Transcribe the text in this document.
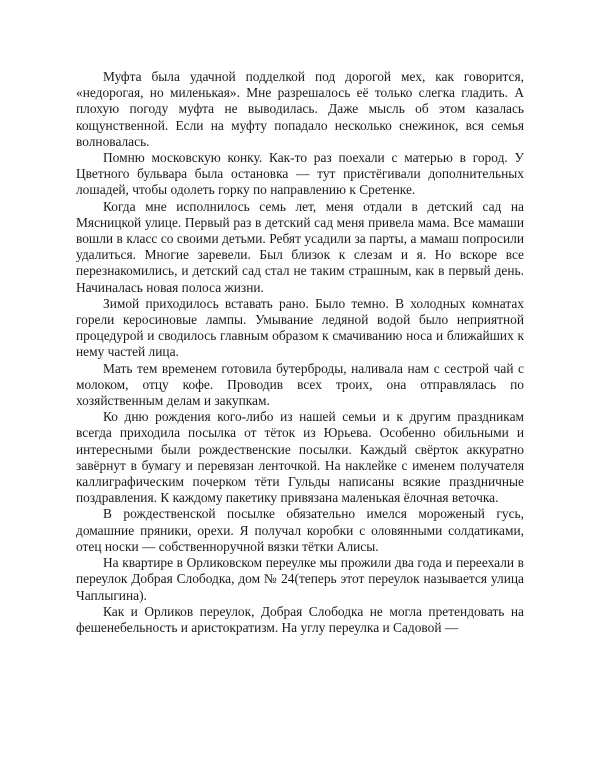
Муфта была удачной подделкой под дорогой мех, как говорится, «недорогая, но миленькая». Мне разрешалось её только слегка гладить. А плохую погоду муфта не выводилась. Даже мысль об этом казалась кощунственной. Если на муфту попадало несколько снежинок, вся семья волновалась.

Помню московскую конку. Как-то раз поехали с матерью в город. У Цветного бульвара была остановка — тут пристёгивали дополнительных лошадей, чтобы одолеть горку по направлению к Сретенке.

Когда мне исполнилось семь лет, меня отдали в детский сад на Мясницкой улице. Первый раз в детский сад меня привела мама. Все мамаши вошли в класс со своими детьми. Ребят усадили за парты, а мамаш попросили удалиться. Многие заревели. Был близок к слезам и я. Но вскоре все перезнакомились, и детский сад стал не таким страшным, как в первый день. Начиналась новая полоса жизни.

Зимой приходилось вставать рано. Было темно. В холодных комнатах горели керосиновые лампы. Умывание ледяной водой было неприятной процедурой и сводилось главным образом к смачиванию носа и ближайших к нему частей лица.

Мать тем временем готовила бутерброды, наливала нам с сестрой чай с молоком, отцу кофе. Проводив всех троих, она отправлялась по хозяйственным делам и закупкам.

Ко дню рождения кого-либо из нашей семьи и к другим праздникам всегда приходила посылка от тёток из Юрьева. Особенно обильными и интересными были рождественские посылки. Каждый свёрток аккуратно завёрнут в бумагу и перевязан ленточкой. На наклейке с именем получателя каллиграфическим почерком тёти Гульды написаны всякие праздничные поздравления. К каждому пакетику привязана маленькая ёлочная веточка.

В рождественской посылке обязательно имелся мороженый гусь, домашние пряники, орехи. Я получал коробки с оловянными солдатиками, отец носки — собственноручной вязки тётки Алисы.

На квартире в Орликовском переулке мы прожили два года и переехали в переулок Добрая Слободка, дом № 24(теперь этот переулок называется улица Чаплыгина).

Как и Орликов переулок, Добрая Слободка не могла претендовать на фешенебельность и аристократизм. На углу переулка и Садовой —
